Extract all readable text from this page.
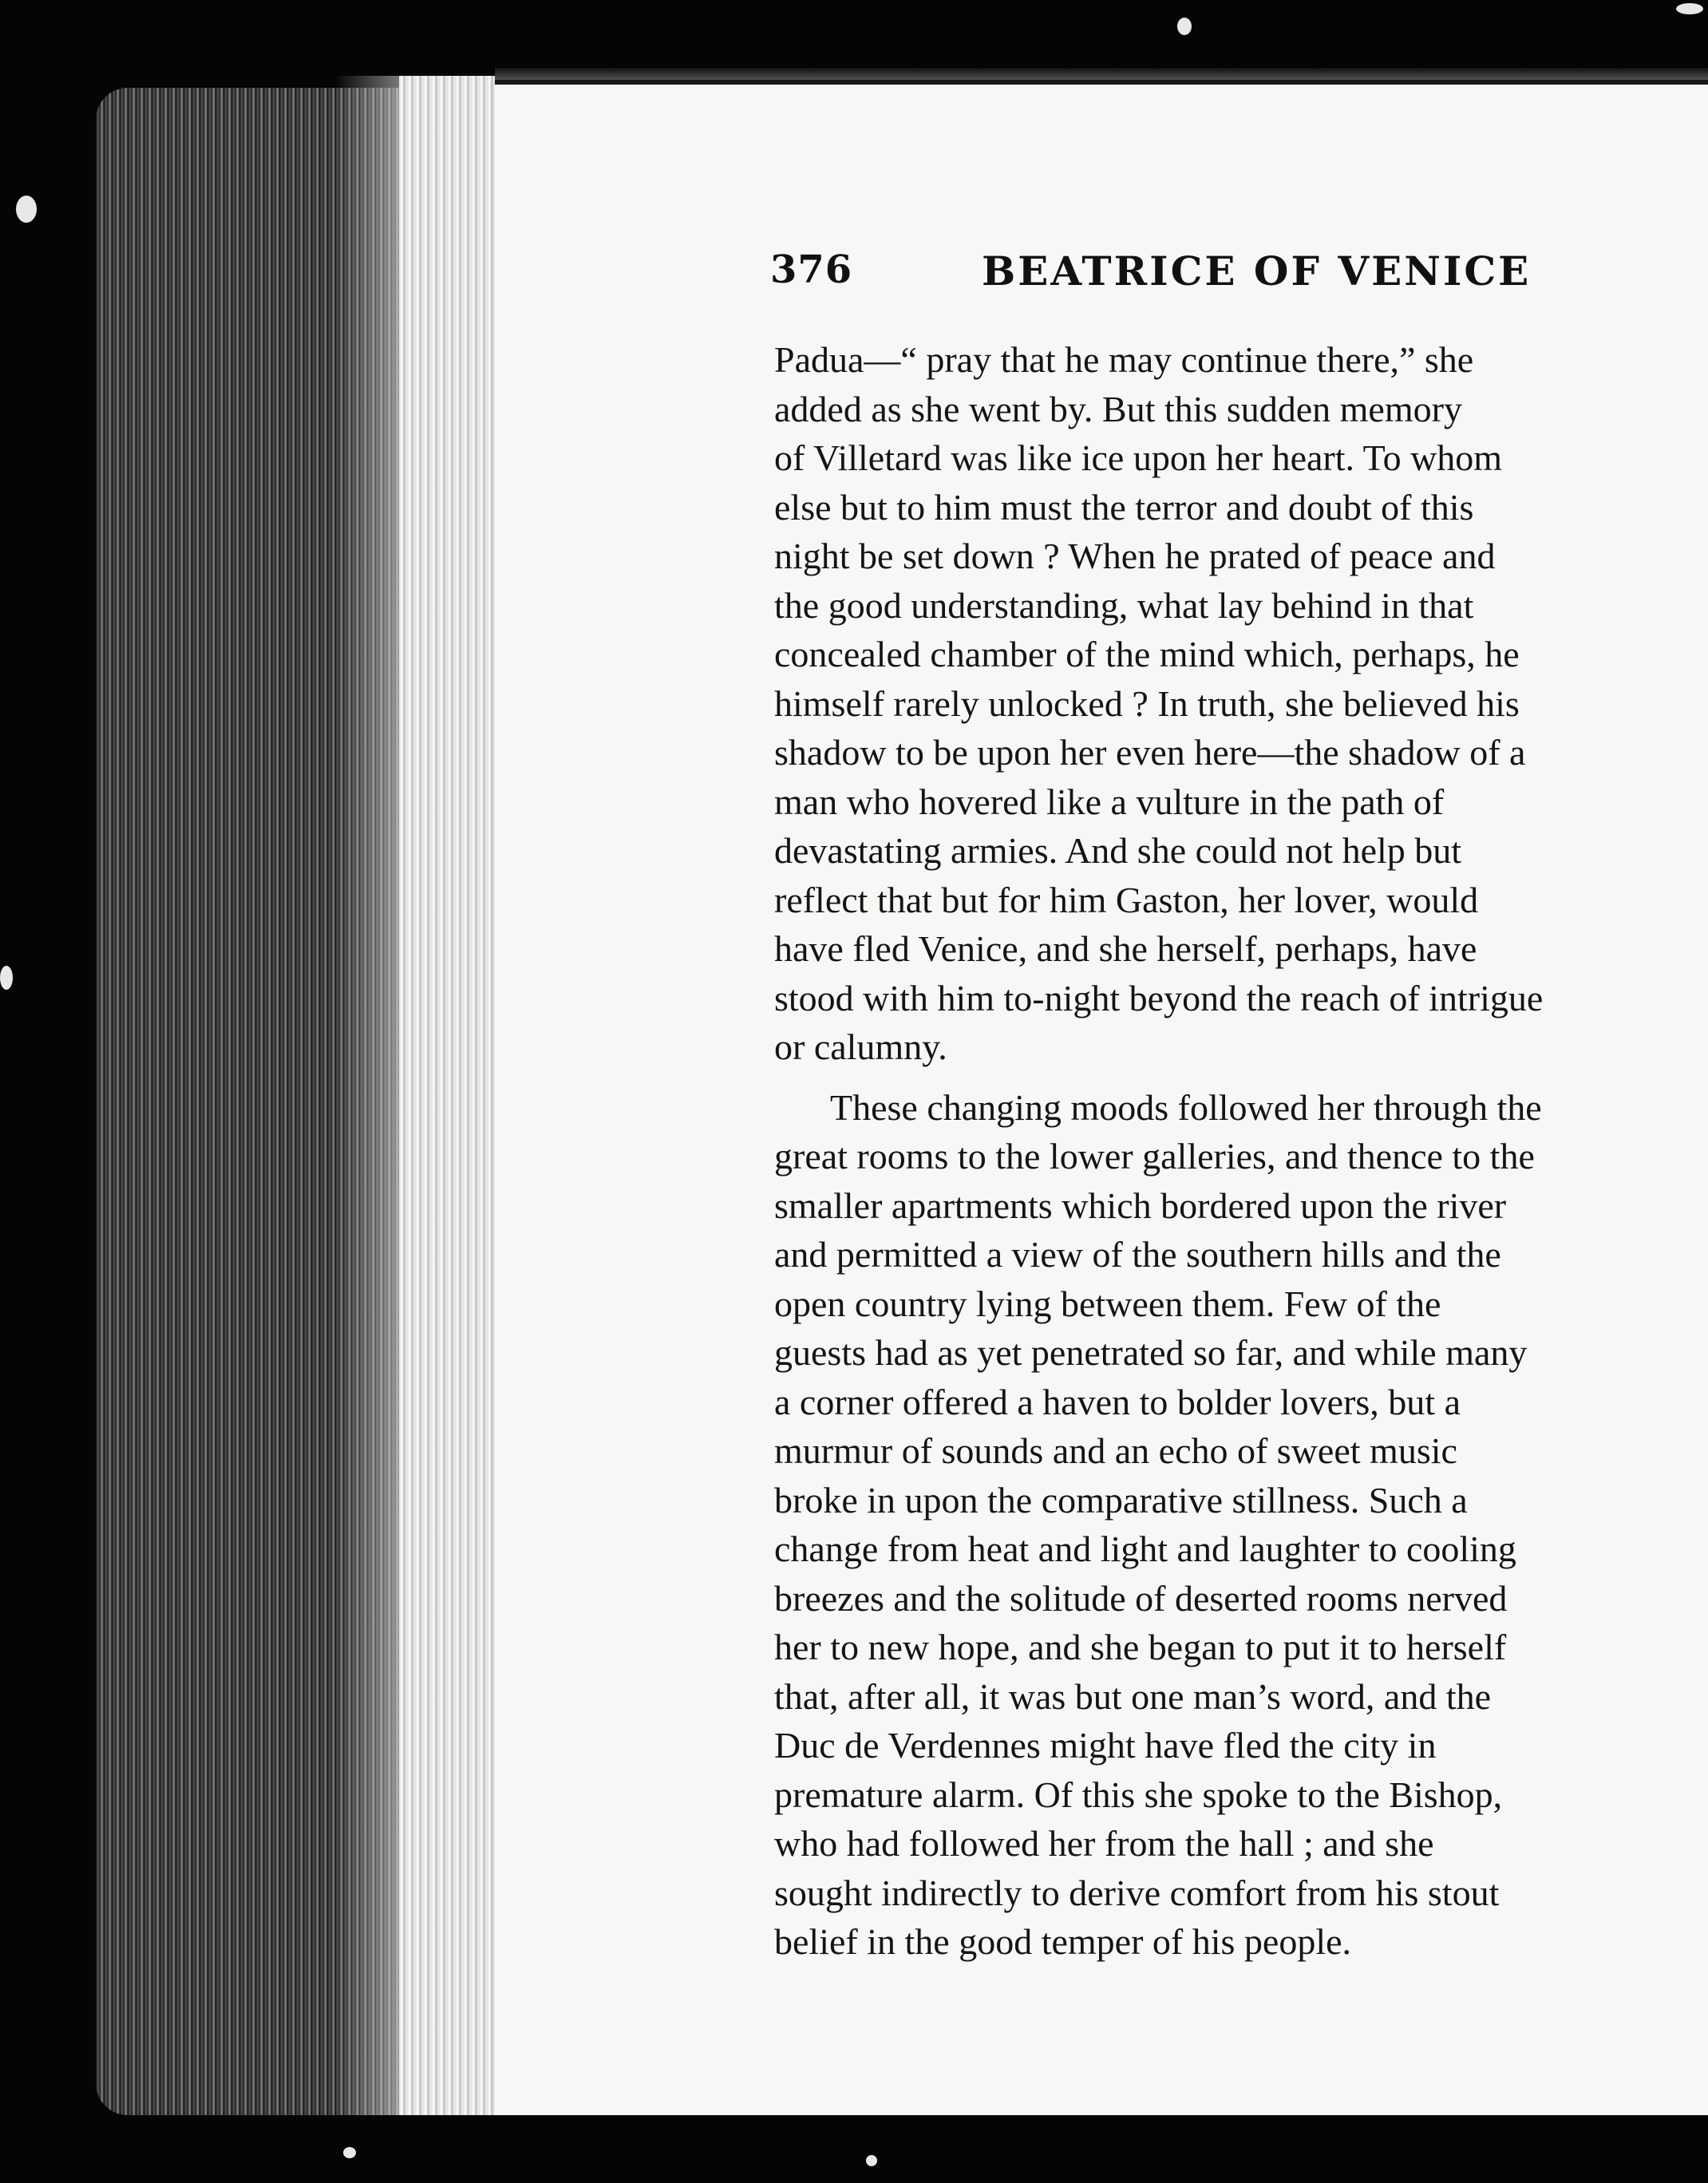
376	BEATRICE OF VENICE
Padua—“ pray that he may continue there,” she
added as she went by. But this sudden memory
of Villetard was like ice upon her heart. To whom
else but to him must the terror and doubt of this
night be set down ? When he prated of peace and
the good understanding, what lay behind in that
concealed chamber of the mind which, perhaps, he
himself rarely unlocked ? In truth, she believed his
shadow to be upon her even here—the shadow of a
man who hovered like a vulture in the path of
devastating armies. And she could not help but
reflect that but for him Gaston, her lover, would
have fled Venice, and she herself, perhaps, have
stood with him to-night beyond the reach of intrigue
or calumny.
These changing moods followed her through the
great rooms to the lower galleries, and thence to the
smaller apartments which bordered upon the river
and permitted a view of the southern hills and the
open country lying between them. Few of the
guests had as yet penetrated so far, and while many
a corner offered a haven to bolder lovers, but a
murmur of sounds and an echo of sweet music
broke in upon the comparative stillness. Such a
change from heat and light and laughter to cooling
breezes and the solitude of deserted rooms nerved
her to new hope, and she began to put it to herself
that, after all, it was but one man’s word, and the
Duc de Verdennes might have fled the city in
premature alarm. Of this she spoke to the Bishop,
who had followed her from the hall ; and she
sought indirectly to derive comfort from his stout
belief in the good temper of his people.
